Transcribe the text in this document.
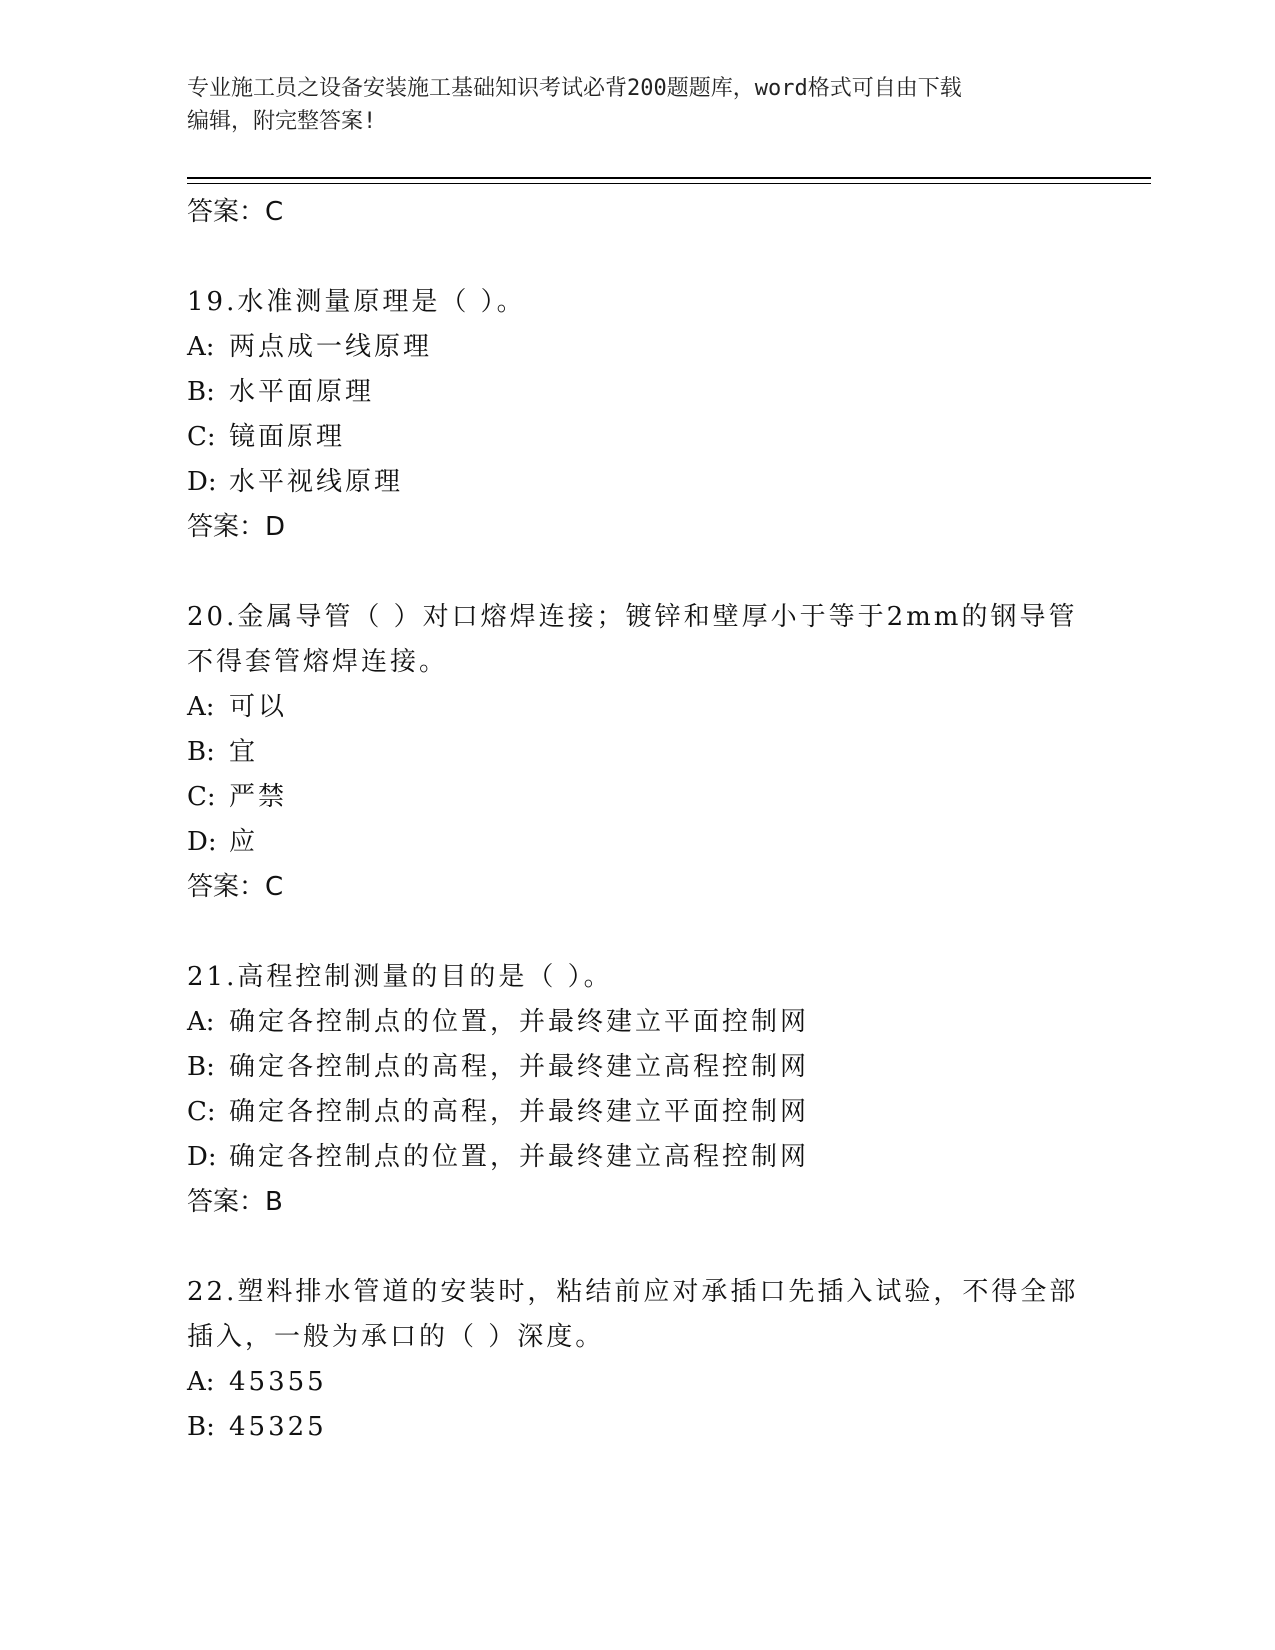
专业施工员之设备安装施工基础知识考试必背200题题库，word格式可自由下载
编辑，附完整答案!
答案：C
19.水准测量原理是（ ）。
A: 两点成一线原理
B: 水平面原理
C: 镜面原理
D: 水平视线原理
答案：D
20.金属导管（ ）对口熔焊连接；镀锌和壁厚小于等于2mm的钢导管
不得套管熔焊连接。
A: 可以
B: 宜
C: 严禁
D: 应
答案：C
21.高程控制测量的目的是（ ）。
A: 确定各控制点的位置，并最终建立平面控制网
B: 确定各控制点的高程，并最终建立高程控制网
C: 确定各控制点的高程，并最终建立平面控制网
D: 确定各控制点的位置，并最终建立高程控制网
答案：B
22.塑料排水管道的安装时，粘结前应对承插口先插入试验，不得全部
插入，一般为承口的（ ）深度。
A: 45355
B: 45325
